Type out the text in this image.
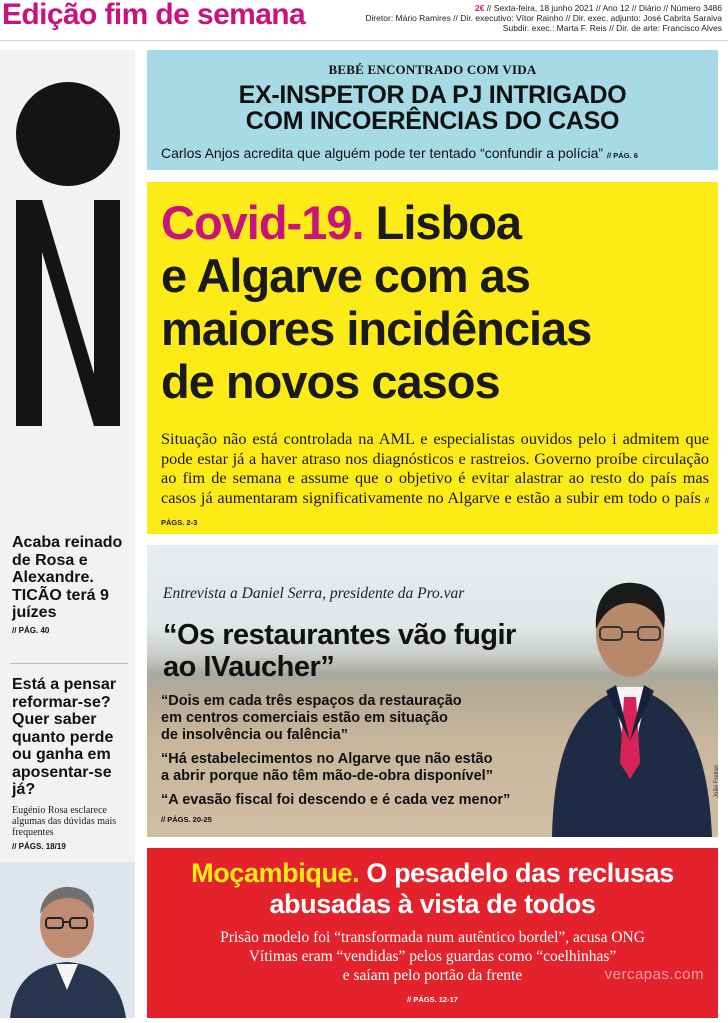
Edição fim de semana	2€ // Sexta-feira, 18 junho 2021 // Ano 12 // Diário // Número 3486
Diretor: Mário Ramires // Dir. executivo: Vítor Rainho // Dir. exec. adjunto: José Cabrita Saraiva
Subdir. exec.: Marta F. Reis // Dir. de arte: Francisco Alves
INEVITÁVEL
Acaba reinado de Rosa e Alexandre. TICÃO terá 9 juízes
// PÁG. 40
Está a pensar reformar-se? Quer saber quanto perde ou ganha em aposentar-se já?
Eugénio Rosa esclarece algumas das dúvidas mais frequentes
// PÁGS. 18/19
BEBÉ ENCONTRADO COM VIDA
EX-INSPETOR DA PJ INTRIGADO
COM INCOERÊNCIAS DO CASO
Carlos Anjos acredita que alguém pode ter tentado “confundir a polícia” // PÁG. 6
Covid-19. Lisboa
e Algarve com as
maiores incidências
de novos casos
Situação não está controlada na AML e especialistas ouvidos pelo i admitem que pode estar já a haver atraso nos diagnósticos e rastreios. Governo proíbe circulação ao fim de semana e assume que o objetivo é evitar alastrar ao resto do país mas casos já aumentaram significativamente no Algarve e estão a subir em todo o país // PÁGS. 2-3
Entrevista a Daniel Serra, presidente da Pro.var
“Os restaurantes vão fugir
ao IVaucher”
“Dois em cada três espaços da restauração
em centros comerciais estão em situação
de insolvência ou falência”
“Há estabelecimentos no Algarve que não estão
a abrir porque não têm mão-de-obra disponível”
“A evasão fiscal foi descendo e é cada vez menor”
// PÁGS. 20-25
João Freitas
Moçambique. O pesadelo das reclusas
abusadas à vista de todos
Prisão modelo foi “transformada num autêntico bordel”, acusa ONG
Vítimas eram “vendidas” pelos guardas como “coelhinhas”
e saíam pelo portão da frente
// PÁGS. 12-17
vercapas.com
